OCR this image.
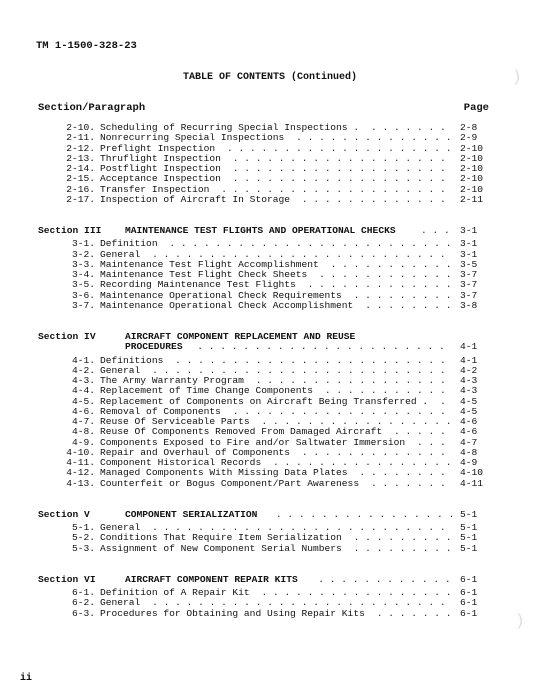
TM 1-1500-328-23
TABLE OF CONTENTS (Continued)
Section/Paragraph	Page
2-10. Scheduling of Recurring Special Inspections .	2-8
. . . . . . .
2-11. Nonrecurring Special Inspections	2-9
. . . . . . . . . . . . . .
2-12. Preflight Inspection	2-10
. . . . . . . . . . . . . . . . . . . .
2-13. Thruflight Inspection	2-10
. . . . . . . . . . . . . . . . . . .
2-14. Postflight Inspection	2-10
. . . . . . . . . . . . . . . . . . .
2-15. Acceptance Inspection	2-10
. . . . . . . . . . . . . . . . . . .
2-16. Transfer Inspection	2-10
. . . . . . . . . . . . . . . . . . . .
2-17. Inspection of Aircraft In Storage	2-11
. . . . . . . . . . . . .
Section III MAINTENANCE TEST FLIGHTS AND OPERATIONAL CHECKS	3-1
. . .
3-1. Definition	3-1
. . . . . . . . . . . . . . . . . . . . . . . . .
3-2. General	3-1
. . . . . . . . . . . . . . . . . . . . . . . . . .
3-3. Maintenance Test Flight Accomplishment	3-5
. . . . . . . . . . .
3-4. Maintenance Test Flight Check Sheets	3-7
. . . . . . . . . . . .
3-5. Recording Maintenance Test Flights	3-7
. . . . . . . . . . . . .
3-6. Maintenance Operational Check Requirements	3-7
. . . . . . . . .
3-7. Maintenance Operational Check Accomplishment	3-8
. . . . . . . .
Section IV	AIRCRAFT COMPONENT REPLACEMENT AND REUSE
PROCEDURES	4-1
. . . . . . . . . . . . . . . . . . . . . .
4-1. Definitions	4-1
. . . . . . . . . . . . . . . . . . . . . . . .
4-2. General	4-2
. . . . . . . . . . . . . . . . . . . . . . . . . .
4-3. The Army Warranty Program	4-3
. . . . . . . . . . . . . . . . .
4-4. Replacement of Time Change Components	4-3
. . . . . . . . . . .
4-5. Replacement of Components on Aircraft Being Transferred .	4-5
.
4-6. Removal of Components	4-5
. . . . . . . . . . . . . . . . . . .
4-7. Reuse Of Serviceable Parts	4-6
. . . . . . . . . . . . . . . . .
4-8. Reuse Of Components Removed From Damaged Aircraft	4-6
. . . . .
4-9. Components Exposed to Fire and/or Saltwater Immersion	4-7
. . .
4-10. Repair and Overhaul of Components	4-8
. . . . . . . . . . . . .
4-11. Component Historical Records	4-9
. . . . . . . . . . . . . . . .
4-12. Managed Components With Missing Data Plates	4-10
. . . . . . . .
4-13. Counterfeit or Bogus Component/Part Awareness	4-11
. . . . . . .
Section V	COMPONENT SERIALIZATION	5-1
. . . . . . . . . . . . . . . .
5-1. General	5-1
. . . . . . . . . . . . . . . . . . . . . . . . . .
5-2. Conditions That Require Item Serialization	5-1
. . . . . . . . .
5-3. Assignment of New Component Serial Numbers	5-1
. . . . . . . . .
Section VI	AIRCRAFT COMPONENT REPAIR KITS	6-1
. . . . . . . . . . . .
6-1. Definition of A Repair Kit	6-1
. . . . . . . . . . . . . . . . .
6-2. General	6-1
. . . . . . . . . . . . . . . . . . . . . . . . . .
6-3. Procedures for Obtaining and Using Repair Kits	6-1
. . . . . . .
ii
)
)
